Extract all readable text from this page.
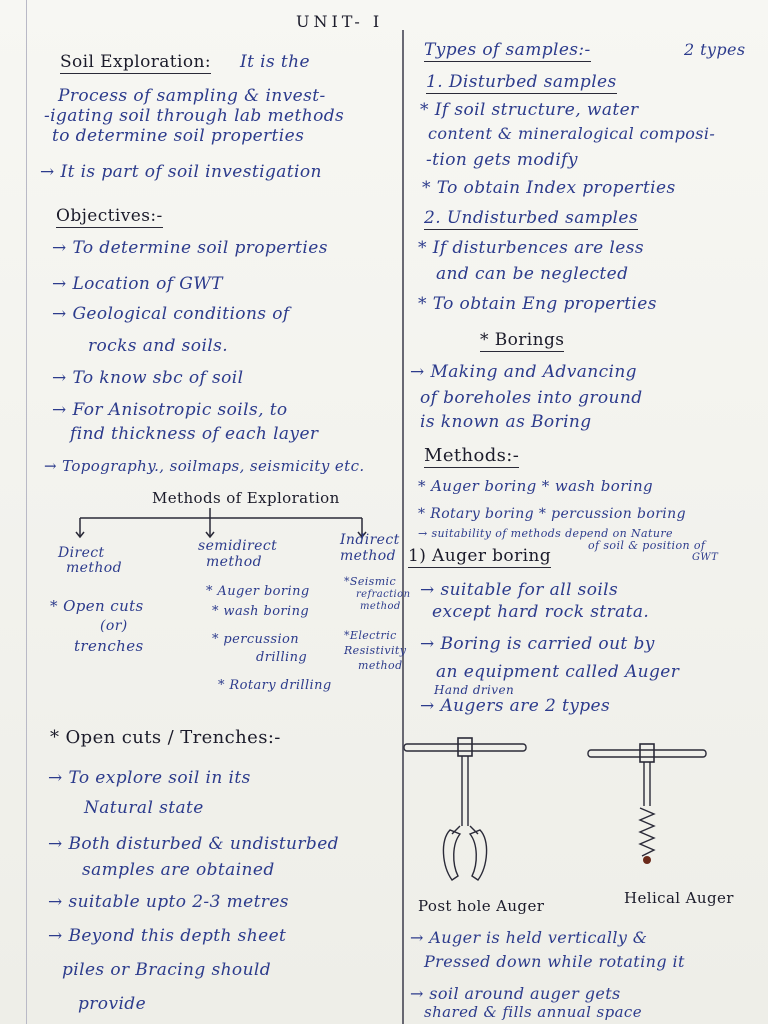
UNIT- I
Soil Exploration: It is the
Process of sampling & invest-
-igating soil through lab methods
to determine soil properties
→ It is part of soil investigation
Objectives:-
→ To determine soil properties
→ Location of GWT
→ Geological conditions of
rocks and soils.
→ To know sbc of soil
→ For Anisotropic soils, to
find thickness of each layer
→ Topography., soilmaps, seismicity etc.
Methods of Exploration
Direct
method
semidirect
method
Indirect
method
* Open cuts
(or)
trenches
* Auger boring
* wash boring
* percussion
drilling
* Rotary drilling
*Seismic
refraction
method
*Electric
Resistivity
method
* Open cuts / Trenches:-
→ To explore soil in its
Natural state
→ Both disturbed & undisturbed
samples are obtained
→ suitable upto 2-3 metres
→ Beyond this depth sheet
piles or Bracing should
provide
Types of samples:-	2 types
1. Disturbed samples
* If soil structure, water
content & mineralogical composi-
-tion gets modify
* To obtain Index properties
2. Undisturbed samples
* If disturbences are less
and can be neglected
* To obtain Eng properties
* Borings
→ Making and Advancing
of boreholes into ground
is known as Boring
Methods:-
* Auger boring * wash boring
* Rotary boring * percussion boring
→ suitability of methods depend on Nature
of soil & position of
GWT
1) Auger boring
→ suitable for all soils
except hard rock strata.
→ Boring is carried out by
an equipment called Auger
Hand driven
→ Augers are 2 types
Post hole Auger	Helical Auger
→ Auger is held vertically &
Pressed down while rotating it
→ soil around auger gets
shared & fills annual space
